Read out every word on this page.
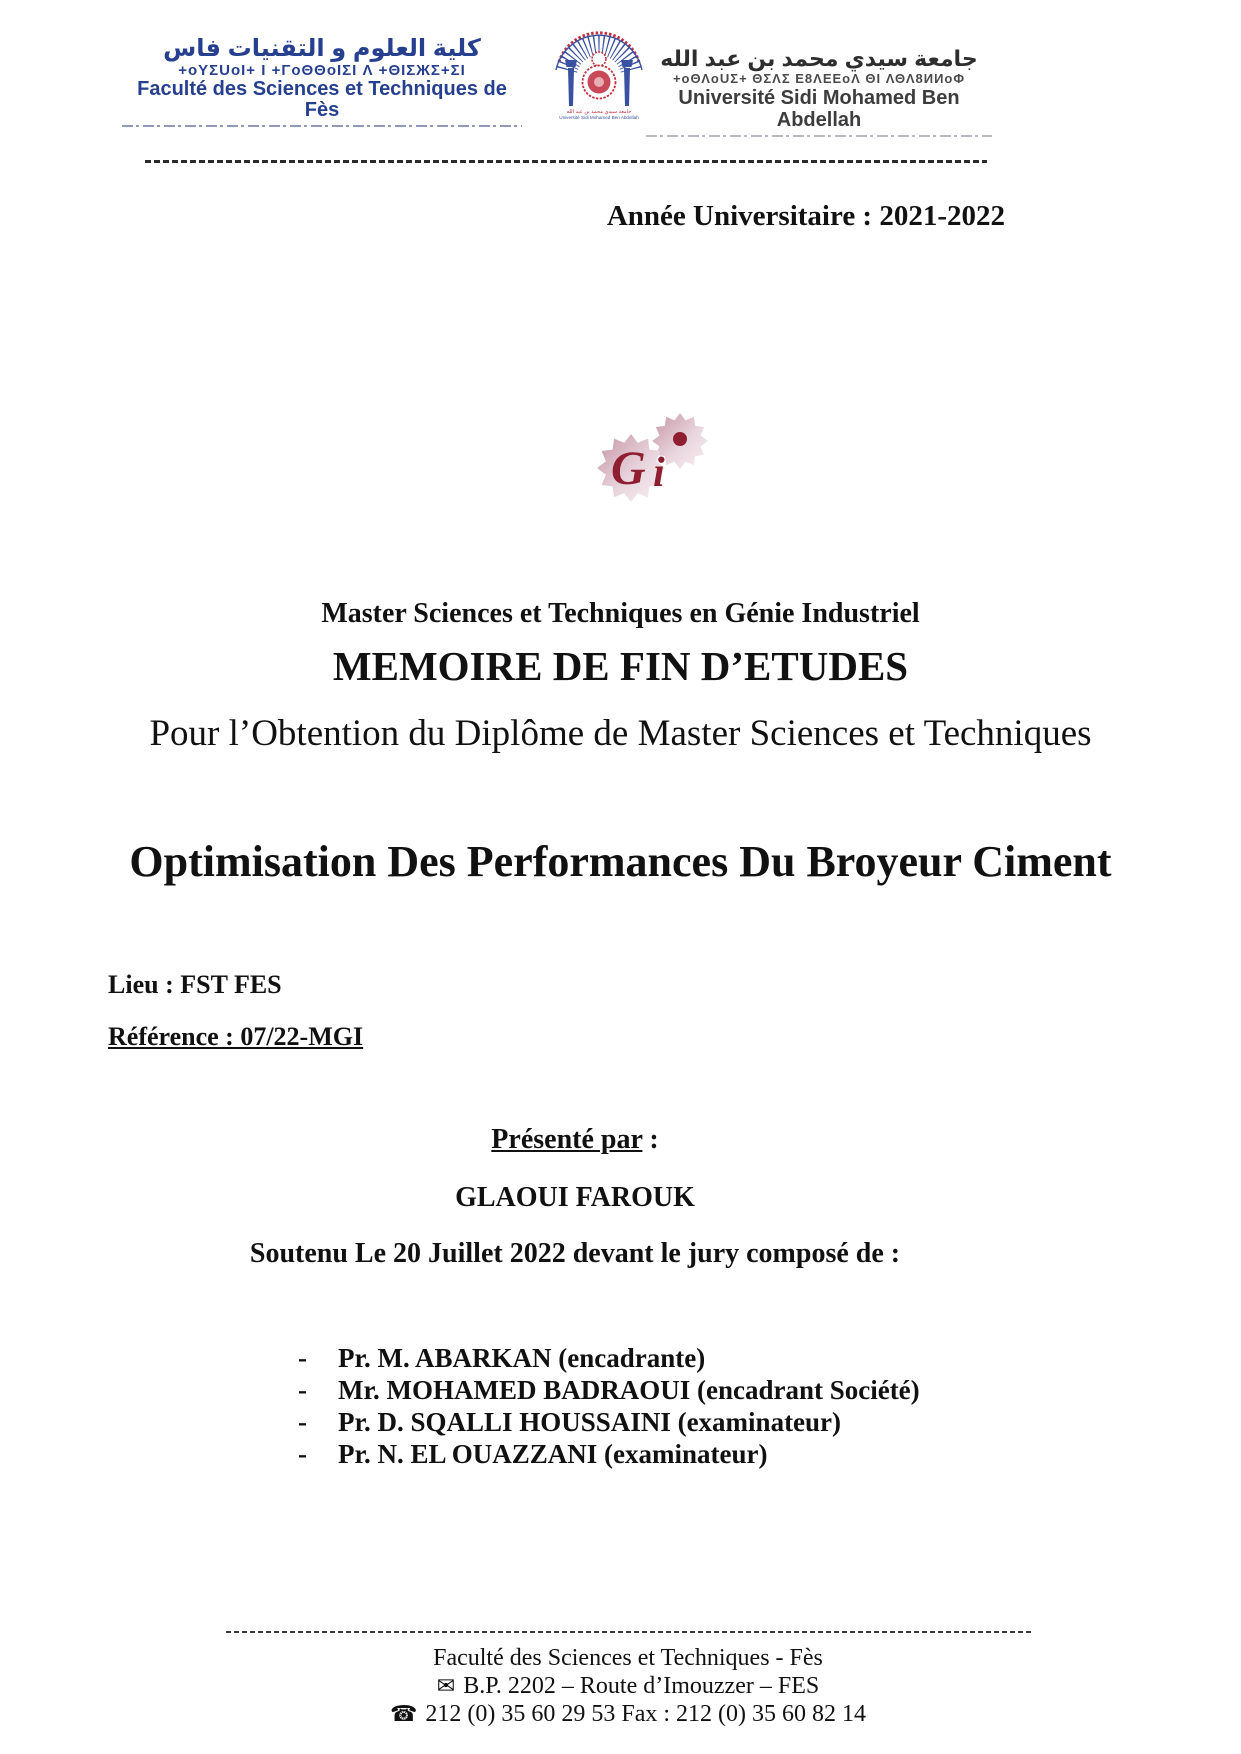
كلية العلوم و التقنيات فاس
+oYΣUoI+ I +ΓoΘΘoIΣI Λ +ΘIΣЖΣ+ΣI
Faculté des Sciences et Techniques de Fès	جامعة سيدي محمد بن عبد الله
Université Sidi Mohamed Ben Abdellah
جامعة سيدي محمد بن عبد الله
+oΘΛoUΣ+ ΘΣΛΣ Ε8ΛΕΕoΛ ΘI ΛΘΛ8ИИoΦ
Université Sidi Mohamed Ben Abdellah
Année Universitaire : 2021-2022
G i
Master Sciences et Techniques en Génie Industriel
MEMOIRE DE FIN D’ETUDES
Pour l’Obtention du Diplôme de Master Sciences et Techniques
Optimisation Des Performances Du Broyeur Ciment
Lieu : FST FES
Référence : 07/22-MGI
Présenté par :
GLAOUI FAROUK
Soutenu Le 20 Juillet 2022 devant le jury composé de :
-	Pr. M. ABARKAN (encadrante)
-	Mr. MOHAMED BADRAOUI (encadrant Société)
-	Pr. D. SQALLI HOUSSAINI (examinateur)
-	Pr. N. EL OUAZZANI (examinateur)
Faculté des Sciences et Techniques - Fès
✉ B.P. 2202 – Route d’Imouzzer – FES
☎ 212 (0) 35 60 29 53 Fax : 212 (0) 35 60 82 14
